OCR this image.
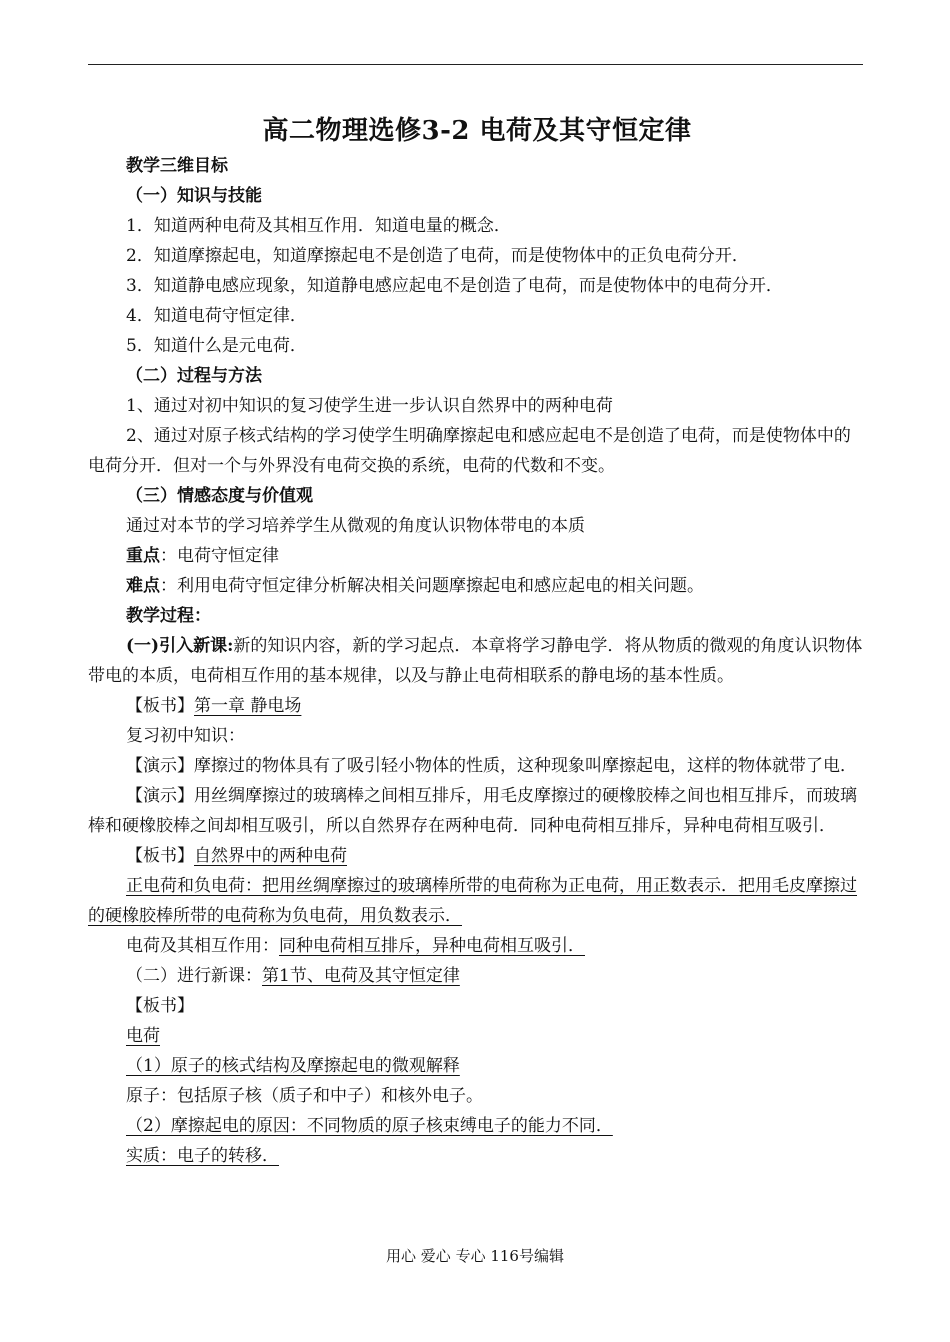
高二物理选修3-2 电荷及其守恒定律

教学三维目标

（一）知识与技能

1．知道两种电荷及其相互作用．知道电量的概念．

2．知道摩擦起电，知道摩擦起电不是创造了电荷，而是使物体中的正负电荷分开．

3．知道静电感应现象，知道静电感应起电不是创造了电荷，而是使物体中的电荷分开．

4．知道电荷守恒定律．

5．知道什么是元电荷．

（二）过程与方法

1、通过对初中知识的复习使学生进一步认识自然界中的两种电荷

2、通过对原子核式结构的学习使学生明确摩擦起电和感应起电不是创造了电荷，而是使物体中的电荷分开．但对一个与外界没有电荷交换的系统，电荷的代数和不变。

（三）情感态度与价值观

通过对本节的学习培养学生从微观的角度认识物体带电的本质

重点：电荷守恒定律

难点：利用电荷守恒定律分析解决相关问题摩擦起电和感应起电的相关问题。

教学过程：

(一)引入新课:新的知识内容，新的学习起点．本章将学习静电学．将从物质的微观的角度认识物体带电的本质，电荷相互作用的基本规律，以及与静止电荷相联系的静电场的基本性质。

【板书】第一章 静电场

复习初中知识：

【演示】摩擦过的物体具有了吸引轻小物体的性质，这种现象叫摩擦起电，这样的物体就带了电．

【演示】用丝绸摩擦过的玻璃棒之间相互排斥，用毛皮摩擦过的硬橡胶棒之间也相互排斥，而玻璃棒和硬橡胶棒之间却相互吸引，所以自然界存在两种电荷．同种电荷相互排斥，异种电荷相互吸引．

【板书】自然界中的两种电荷

正电荷和负电荷：把用丝绸摩擦过的玻璃棒所带的电荷称为正电荷，用正数表示．把用毛皮摩擦过的硬橡胶棒所带的电荷称为负电荷，用负数表示．

电荷及其相互作用：同种电荷相互排斥，异种电荷相互吸引．

（二）进行新课：第1节、电荷及其守恒定律

【板书】

电荷

（1）原子的核式结构及摩擦起电的微观解释

原子：包括原子核（质子和中子）和核外电子。

（2）摩擦起电的原因：不同物质的原子核束缚电子的能力不同．

实质：电子的转移．

用心 爱心 专心 116号编辑
